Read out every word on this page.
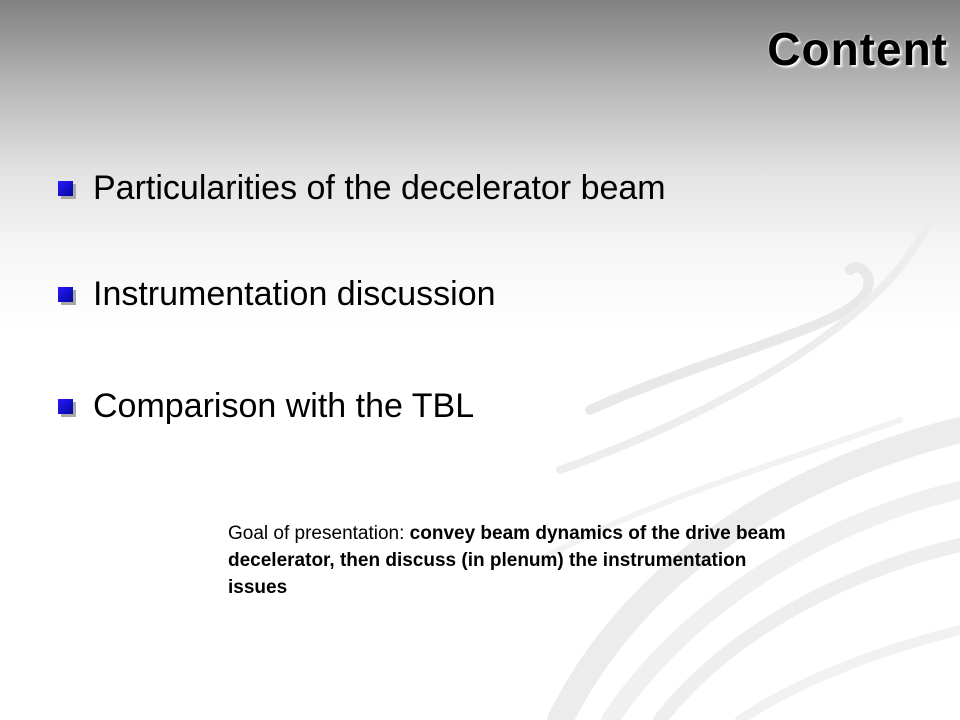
Content
Particularities of the decelerator beam
Instrumentation discussion
Comparison with the TBL

Goal of presentation: convey beam dynamics of the drive beam decelerator, then discuss (in plenum) the instrumentation issues
